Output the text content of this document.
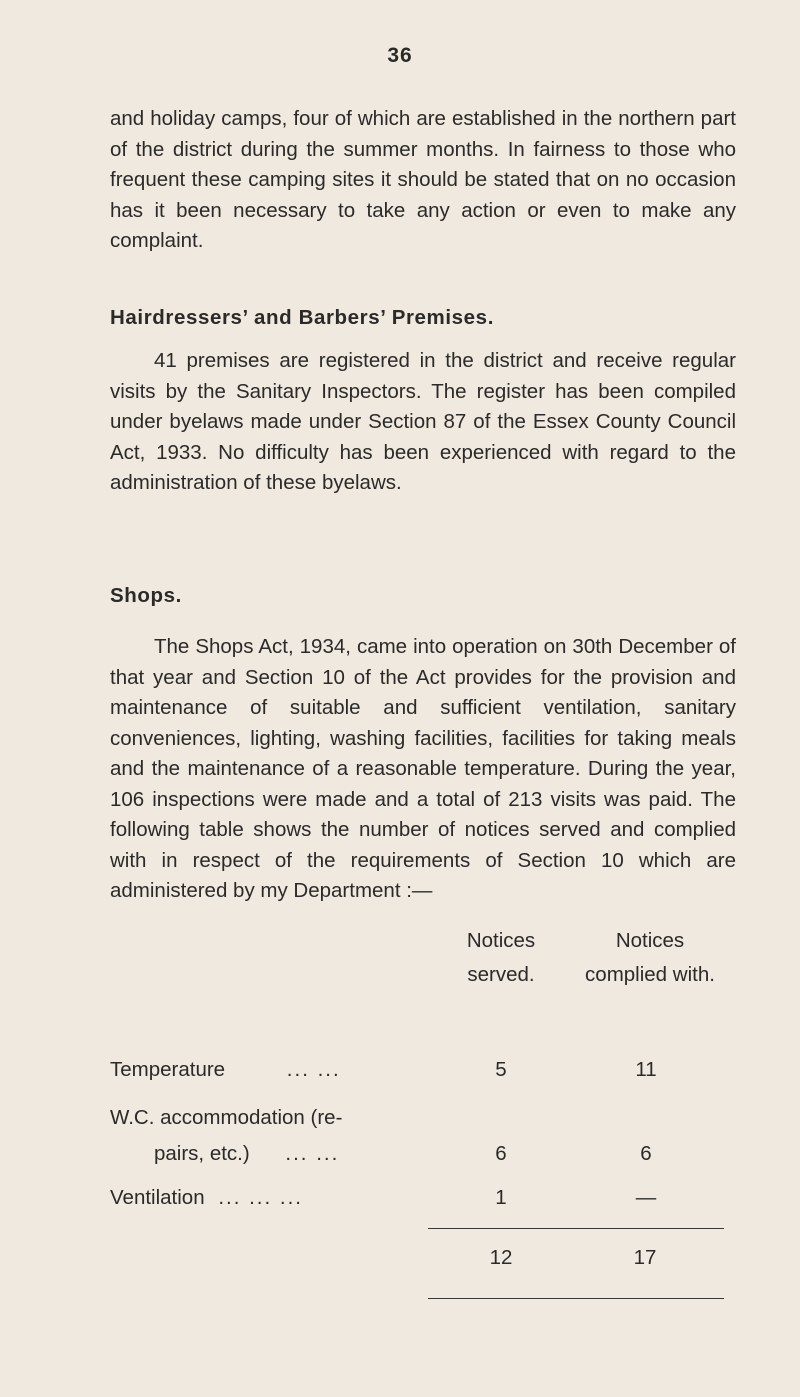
36

and holiday camps, four of which are established in the northern part of the district during the summer months. In fairness to those who frequent these camping sites it should be stated that on no occasion has it been necessary to take any action or even to make any complaint.

Hairdressers’ and Barbers’ Premises.

41 premises are registered in the district and receive regular visits by the Sanitary Inspectors. The register has been compiled under byelaws made under Section 87 of the Essex County Council Act, 1933. No difficulty has been experienced with regard to the administration of these byelaws.

Shops.

The Shops Act, 1934, came into operation on 30th December of that year and Section 10 of the Act provides for the provision and maintenance of suitable and sufficient ventilation, sanitary conveniences, lighting, washing facilities, facilities for taking meals and the maintenance of a reasonable temperature. During the year, 106 inspections were made and a total of 213 visits was paid. The following table shows the number of notices served and complied with in respect of the requirements of Section 10 which are administered by my Department :—

Notices
served.
Notices
complied with.
Temperature	... ...	5	11
W.C. accommodation (re-
pairs, etc.) ... ...	6	6
Ventilation ... ... ...	1	—
12	17
